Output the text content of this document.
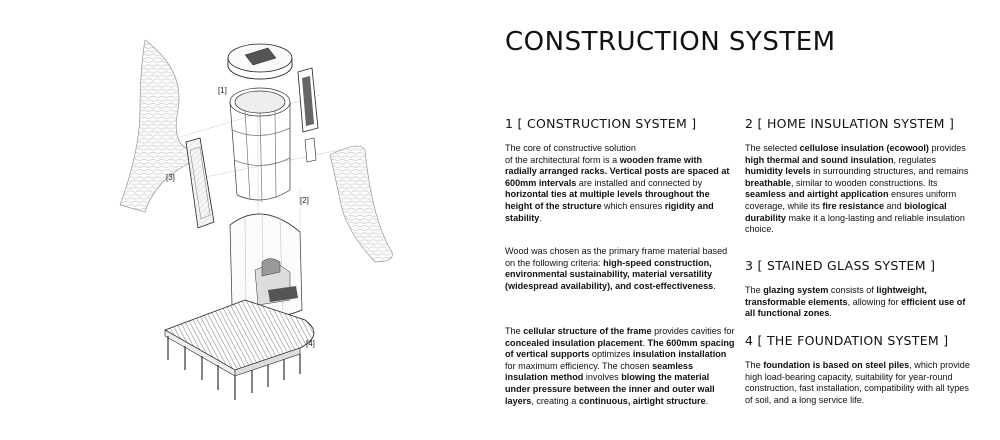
[1]
[2]
[3]
[4]
CONSTRUCTION SYSTEM
1 [ CONSTRUCTION SYSTEM ]

The core of constructive solution
of the architectural form is a wooden frame with radially arranged racks. Vertical posts are spaced at 600mm intervals are installed and connected by horizontal ties at multiple levels throughout the height of the structure which ensures rigidity and stability.

Wood was chosen as the primary frame material based on the following criteria: high-speed construction, environmental sustainability, material versatility (widespread availability), and cost-effectiveness.

The cellular structure of the frame provides cavities for concealed insulation placement. The 600mm spacing of vertical supports optimizes insulation installation for maximum efficiency. The chosen seamless insulation method involves blowing the material under pressure between the inner and outer wall layers, creating a continuous, airtight structure.

2 [ HOME INSULATION SYSTEM ]

The selected cellulose insulation (ecowool) provides high thermal and sound insulation, regulates humidity levels in surrounding structures, and remains breathable, similar to wooden constructions. Its seamless and airtight application ensures uniform coverage, while its fire resistance and biological durability make it a long-lasting and reliable insulation choice.

3 [ STAINED GLASS SYSTEM ]

The glazing system consists of lightweight, transformable elements, allowing for efficient use of all functional zones.

4 [ THE FOUNDATION SYSTEM ]

The foundation is based on steel piles, which provide high load-bearing capacity, suitability for year-round construction, fast installation, compatibility with all types of soil, and a long service life.
